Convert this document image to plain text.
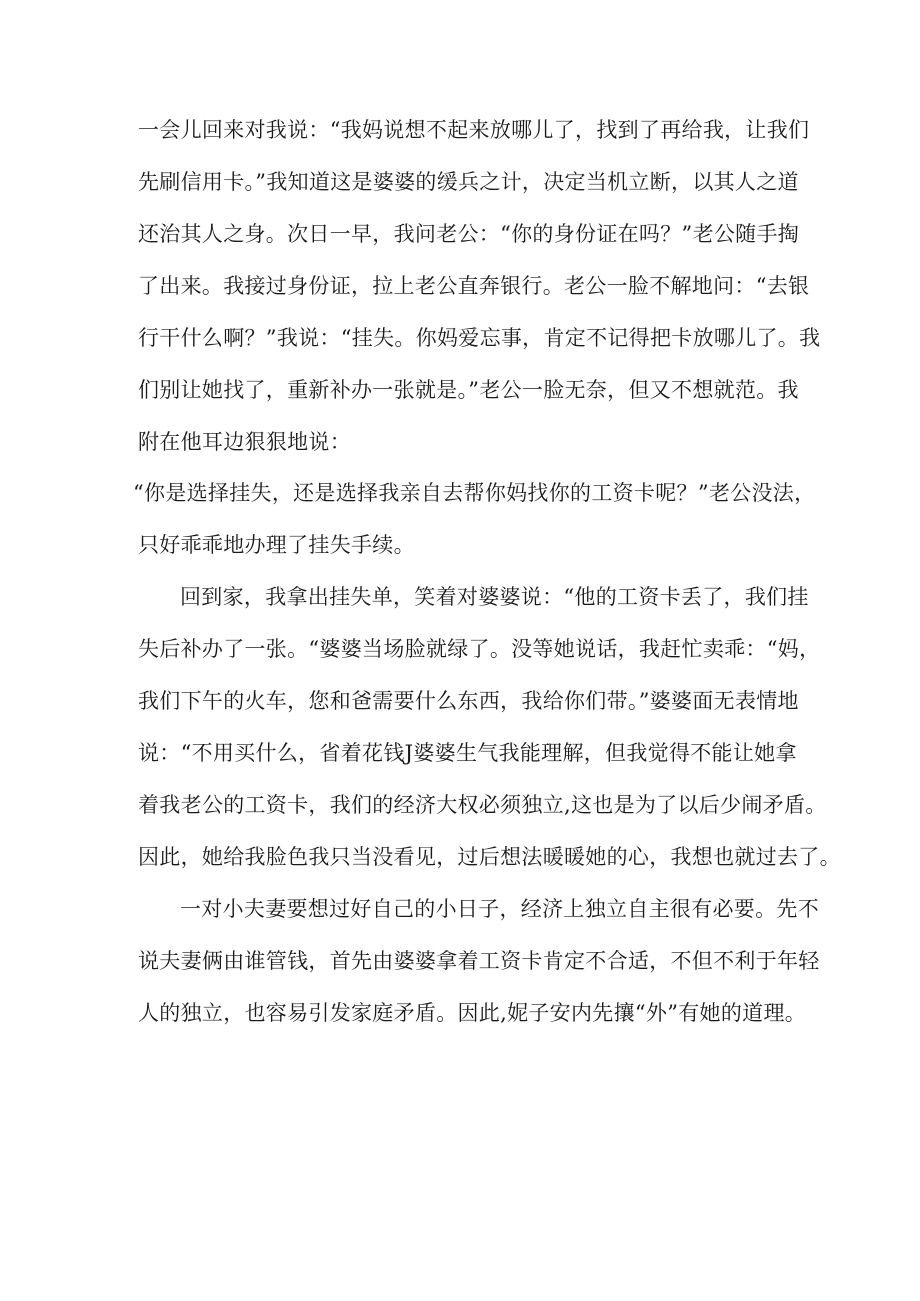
一会儿回来对我说：“我妈说想不起来放哪儿了，找到了再给我，让我们
先刷信用卡。”我知道这是婆婆的缓兵之计，决定当机立断，以其人之道
还治其人之身。次日一早，我问老公：“你的身份证在吗？”老公随手掏
了出来。我接过身份证，拉上老公直奔银行。老公一脸不解地问：“去银
行干什么啊？”我说：“挂失。你妈爱忘事，肯定不记得把卡放哪儿了。我
们别让她找了，重新补办一张就是。”老公一脸无奈，但又不想就范。我
附在他耳边狠狠地说：
“你是选择挂失，还是选择我亲自去帮你妈找你的工资卡呢？”老公没法，
只好乖乖地办理了挂失手续。
回到家，我拿出挂失单，笑着对婆婆说：“他的工资卡丢了，我们挂
失后补办了一张。“婆婆当场脸就绿了。没等她说话，我赶忙卖乖：“妈，
我们下午的火车，您和爸需要什么东西，我给你们带。”婆婆面无表情地
说：“不用买什么，省着花钱J婆婆生气我能理解，但我觉得不能让她拿
着我老公的工资卡，我们的经济大权必须独立,这也是为了以后少闹矛盾。
因此，她给我脸色我只当没看见，过后想法暖暖她的心，我想也就过去了。
一对小夫妻要想过好自己的小日子，经济上独立自主很有必要。先不
说夫妻俩由谁管钱，首先由婆婆拿着工资卡肯定不合适，不但不利于年轻
人的独立，也容易引发家庭矛盾。因此,妮子安内先攘“外”有她的道理。
